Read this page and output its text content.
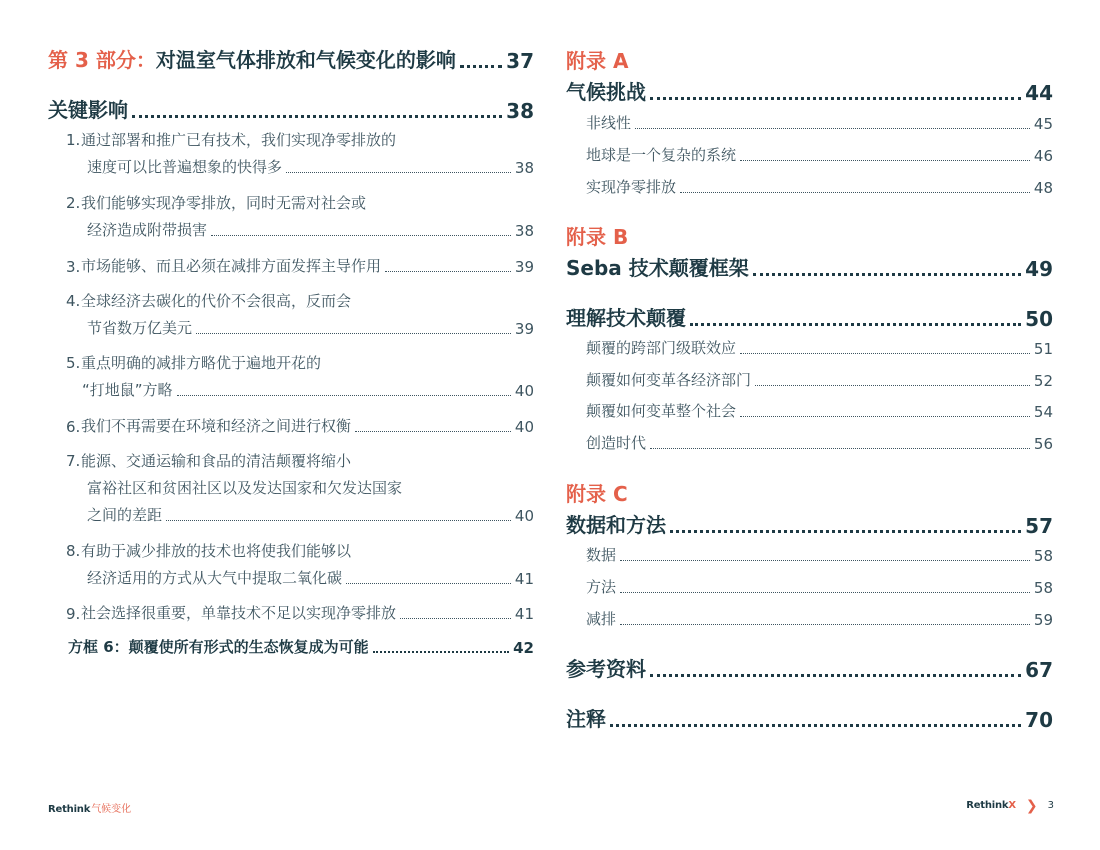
第 3 部分： 对温室气体排放和气候变化的影响	37
关键影响	38
1.通过部署和推广已有技术，我们实现净零排放的
速度可以比普遍想象的快得多	38
2.我们能够实现净零排放，同时无需对社会或
经济造成附带损害	38
3. 市场能够、而且必须在减排方面发挥主导作用	39
4.全球经济去碳化的代价不会很高，反而会
节省数万亿美元	39
5.重点明确的减排方略优于遍地开花的
“打地鼠”方略	40
6. 我们不再需要在环境和经济之间进行权衡	40
7.能源、交通运输和食品的清洁颠覆将缩小
富裕社区和贫困社区以及发达国家和欠发达国家
之间的差距	40
8.有助于减少排放的技术也将使我们能够以
经济适用的方式从大气中提取二氧化碳	41
9. 社会选择很重要，单靠技术不足以实现净零排放	41
方框 6：颠覆使所有形式的生态恢复成为可能	42
附录 A
气候挑战	44
非线性	45
地球是一个复杂的系统	46
实现净零排放	48
附录 B
Seba 技术颠覆框架	49
理解技术颠覆	50
颠覆的跨部门级联效应	51
颠覆如何变革各经济部门	52
颠覆如何变革整个社会	54
创造时代	56
附录 C
数据和方法	57
数据	58
方法	58
减排	59
参考资料	67
注释	70
Rethink 气候变化	RethinkX ❯ 3
